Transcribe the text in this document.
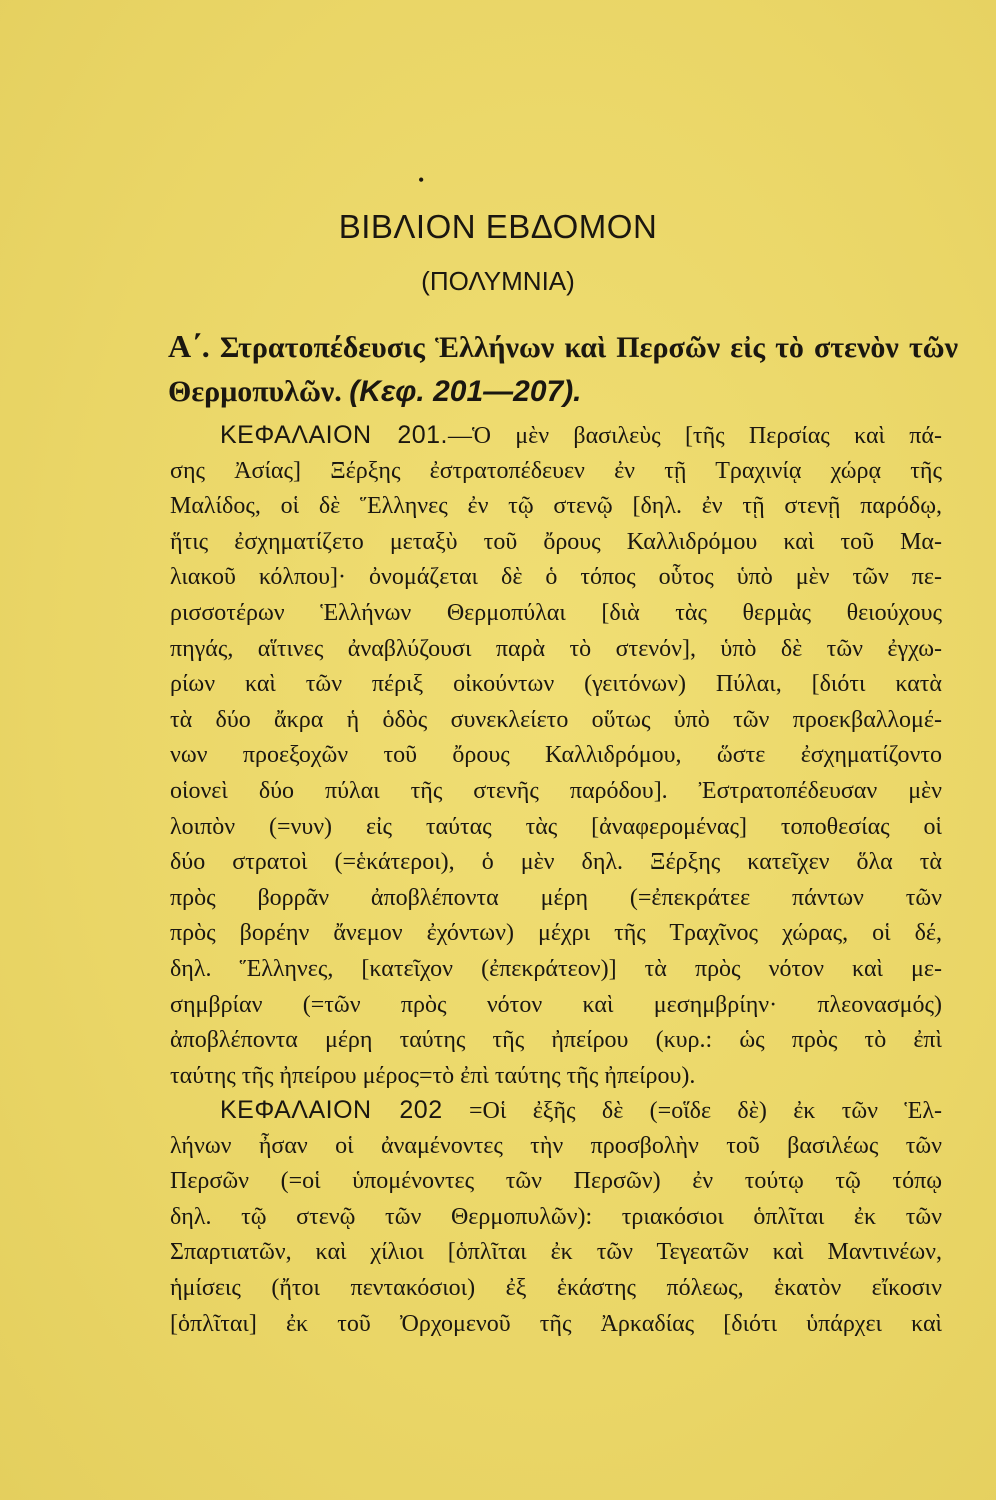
•
ΒΙΒΛΙΟΝ ΕΒΔΟΜΟΝ
(ΠΟΛΥΜΝΙΑ)
Α΄. Στρατοπέδευσις Ἑλλήνων καὶ Περσῶν εἰς τὸ στενὸν τῶν Θερμοπυλῶν. (Κεφ. 201—207).
ΚΕΦΑΛΑΙΟΝ 201.—Ὁ μὲν βασιλεὺς [τῆς Περσίας καὶ πά-
σης Ἀσίας] Ξέρξης ἐστρατοπέδευεν ἐν τῇ Τραχινίᾳ χώρᾳ τῆς
Μαλίδος, οἱ δὲ Ἕλληνες ἐν τῷ στενῷ [δηλ. ἐν τῇ στενῇ παρόδῳ,
ἥτις ἐσχηματίζετο μεταξὺ τοῦ ὄρους Καλλιδρόμου καὶ τοῦ Μα-
λιακοῦ κόλπου]· ὀνομάζεται δὲ ὁ τόπος οὗτος ὑπὸ μὲν τῶν πε-
ρισσοτέρων Ἑλλήνων Θερμοπύλαι [διὰ τὰς θερμὰς θειούχους
πηγάς, αἵτινες ἀναβλύζουσι παρὰ τὸ στενόν], ὑπὸ δὲ τῶν ἐγχω-
ρίων καὶ τῶν πέριξ οἰκούντων (γειτόνων) Πύλαι, [διότι κατὰ
τὰ δύο ἄκρα ἡ ὁδὸς συνεκλείετο οὕτως ὑπὸ τῶν προεκβαλλομέ-
νων προεξοχῶν τοῦ ὄρους Καλλιδρόμου, ὥστε ἐσχηματίζοντο
οἱονεὶ δύο πύλαι τῆς στενῆς παρόδου]. Ἐστρατοπέδευσαν μὲν
λοιπὸν (=νυν) εἰς ταύτας τὰς [ἀναφερομένας] τοποθεσίας οἱ
δύο στρατοὶ (=ἑκάτεροι), ὁ μὲν δηλ. Ξέρξης κατεῖχεν ὅλα τὰ
πρὸς βορρᾶν ἀποβλέποντα μέρη (=ἐπεκράτεε πάντων τῶν
πρὸς βορέην ἄνεμον ἐχόντων) μέχρι τῆς Τραχῖνος χώρας, οἱ δέ,
δηλ. Ἕλληνες, [κατεῖχον (ἐπεκράτεον)] τὰ πρὸς νότον καὶ με-
σημβρίαν (=τῶν πρὸς νότον καὶ μεσημβρίην· πλεονασμός)
ἀποβλέποντα μέρη ταύτης τῆς ἠπείρου (κυρ.: ὡς πρὸς τὸ ἐπὶ
ταύτης τῆς ἠπείρου μέρος=τὸ ἐπὶ ταύτης τῆς ἠπείρου).
ΚΕΦΑΛΑΙΟΝ 202 =Οἱ ἐξῆς δὲ (=οἵδε δὲ) ἐκ τῶν Ἑλ-
λήνων ἦσαν οἱ ἀναμένοντες τὴν προσβολὴν τοῦ βασιλέως τῶν
Περσῶν (=οἱ ὑπομένοντες τῶν Περσῶν) ἐν τούτῳ τῷ τόπῳ
δηλ. τῷ στενῷ τῶν Θερμοπυλῶν): τριακόσιοι ὁπλῖται ἐκ τῶν
Σπαρτιατῶν, καὶ χίλιοι [ὁπλῖται ἐκ τῶν Τεγεατῶν καὶ Μαντινέων,
ἡμίσεις (ἤτοι πεντακόσιοι) ἐξ ἑκάστης πόλεως, ἑκατὸν εἴκοσιν
[ὁπλῖται] ἐκ τοῦ Ὀρχομενοῦ τῆς Ἀρκαδίας [διότι ὑπάρχει καὶ
